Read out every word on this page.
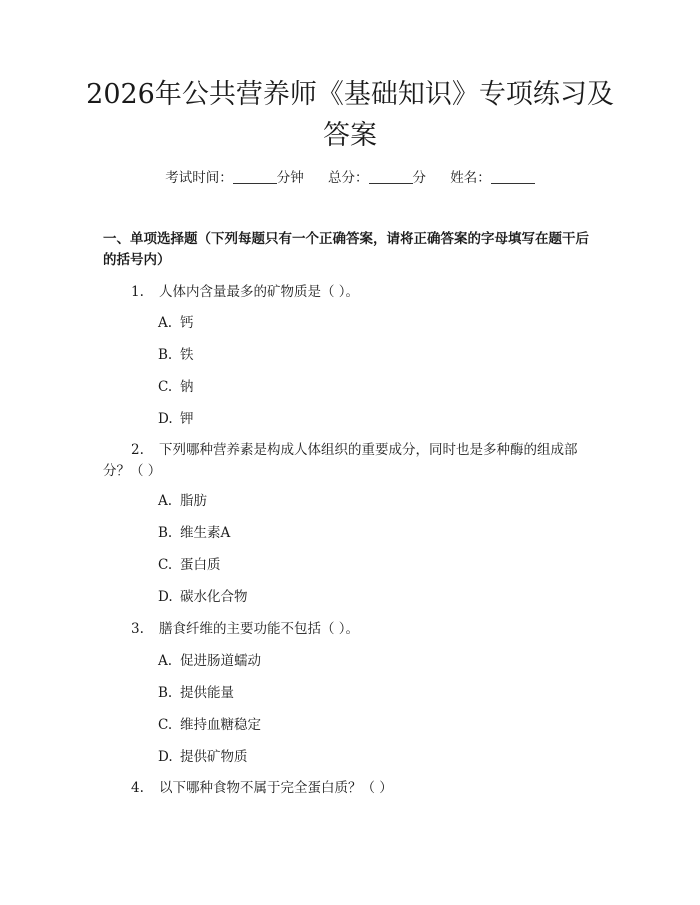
2026年公共营养师《基础知识》专项练习及答案
考试时间：	分钟 总分：	分 姓名：

一、单项选择题（下列每题只有一个正确答案，请将正确答案的字母填写在题干后的括号内）

1. 人体内含量最多的矿物质是（ ）。
A. 钙
B. 铁
C. 钠
D. 钾
2. 下列哪种营养素是构成人体组织的重要成分，同时也是多种酶的组成部分？（ ）
A. 脂肪
B. 维生素A
C. 蛋白质
D. 碳水化合物
3. 膳食纤维的主要功能不包括（ ）。
A. 促进肠道蠕动
B. 提供能量
C. 维持血糖稳定
D. 提供矿物质
4. 以下哪种食物不属于完全蛋白质？（ ）
